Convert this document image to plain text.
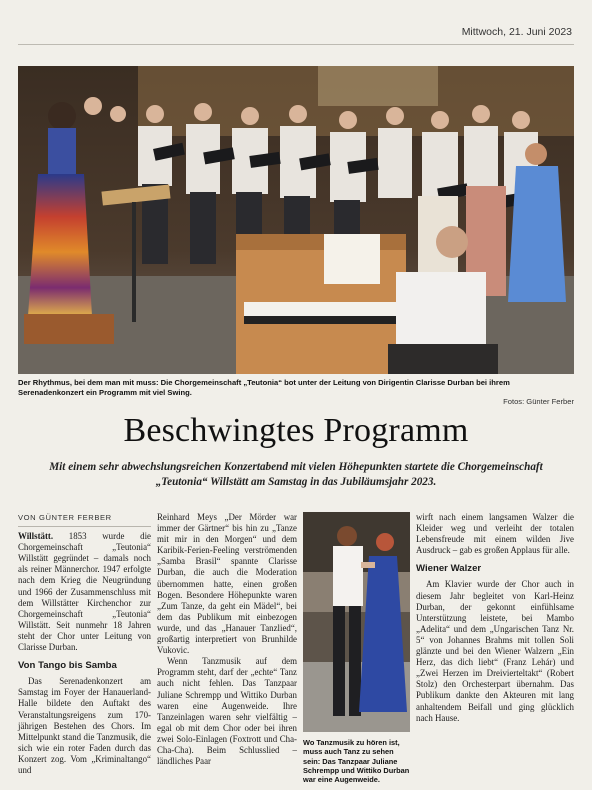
Mittwoch, 21. Juni 2023
Der Rhythmus, bei dem man mit muss: Die Chorgemeinschaft „Teutonia“ bot unter der Leitung von Dirigentin Clarisse Durban bei ihrem Serenadenkonzert ein Programm mit viel Swing.
Fotos: Günter Ferber
Beschwingtes Programm
Mit einem sehr abwechslungsreichen Konzertabend mit vielen Höhepunkten startete die Chorgemeinschaft „Teutonia“ Willstätt am Samstag in das Jubiläumsjahr 2023.

VON GÜNTER FERBER

Willstätt. 1853 wurde die Chorgemeinschaft „Teutonia“ Willstätt gegründet – damals noch als reiner Männerchor. 1947 erfolgte nach dem Krieg die Neugründung und 1966 der Zusammenschluss mit dem Willstätter Kirchenchor zur Chorgemeinschaft „Teutonia“ Willstätt. Seit nunmehr 18 Jahren steht der Chor unter Leitung von Clarisse Durban.

Von Tango bis Samba

Das Serenadenkonzert am Samstag im Foyer der Hanauerland-Halle bildete den Auftakt des Veranstaltungsreigens zum 170-jährigen Bestehen des Chors. Im Mittelpunkt stand die Tanzmusik, die sich wie ein roter Faden durch das Konzert zog. Vom „Kriminaltango“ und

Reinhard Meys „Der Mörder war immer der Gärtner“ bis hin zu „Tanze mit mir in den Morgen“ und dem Karibik-Ferien-Feeling verströmenden „Samba Brasil“ spannte Clarisse Durban, die auch die Moderation übernommen hatte, einen großen Bogen. Besondere Höhepunkte waren „Zum Tanze, da geht ein Mädel“, bei dem das Publikum mit einbezogen wurde, und das „Hanauer Tanzlied“, großartig interpretiert von Brunhilde Vukovic.

Wenn Tanzmusik auf dem Programm steht, darf der „echte“ Tanz auch nicht fehlen. Das Tanzpaar Juliane Schrempp und Wittiko Durban waren eine Augenweide. Ihre Tanzeinlagen waren sehr vielfältig – egal ob mit dem Chor oder bei ihren zwei Solo-Einlagen (Foxtrott und Cha-Cha-Cha). Beim Schlusslied – ländliches Paar

Wo Tanzmusik zu hören ist, muss auch Tanz zu sehen sein: Das Tanzpaar Juliane Schrempp und Wittiko Durban war eine Augenweide.

wirft nach einem langsamen Walzer die Kleider weg und verleiht der totalen Lebensfreude mit einem wilden Jive Ausdruck – gab es großen Applaus für alle.

Wiener Walzer

Am Klavier wurde der Chor auch in diesem Jahr begleitet von Karl-Heinz Durban, der gekonnt einfühlsame Unterstützung leistete, bei Mambo „Adelita“ und dem „Ungarischen Tanz Nr. 5“ von Johannes Brahms mit tollen Soli glänzte und bei den Wiener Walzern „Ein Herz, das dich liebt“ (Franz Lehár) und „Zwei Herzen im Dreivierteltakt“ (Robert Stolz) den Orchesterpart übernahm. Das Publikum dankte den Akteuren mit lang anhaltendem Beifall und ging glücklich nach Hause.
